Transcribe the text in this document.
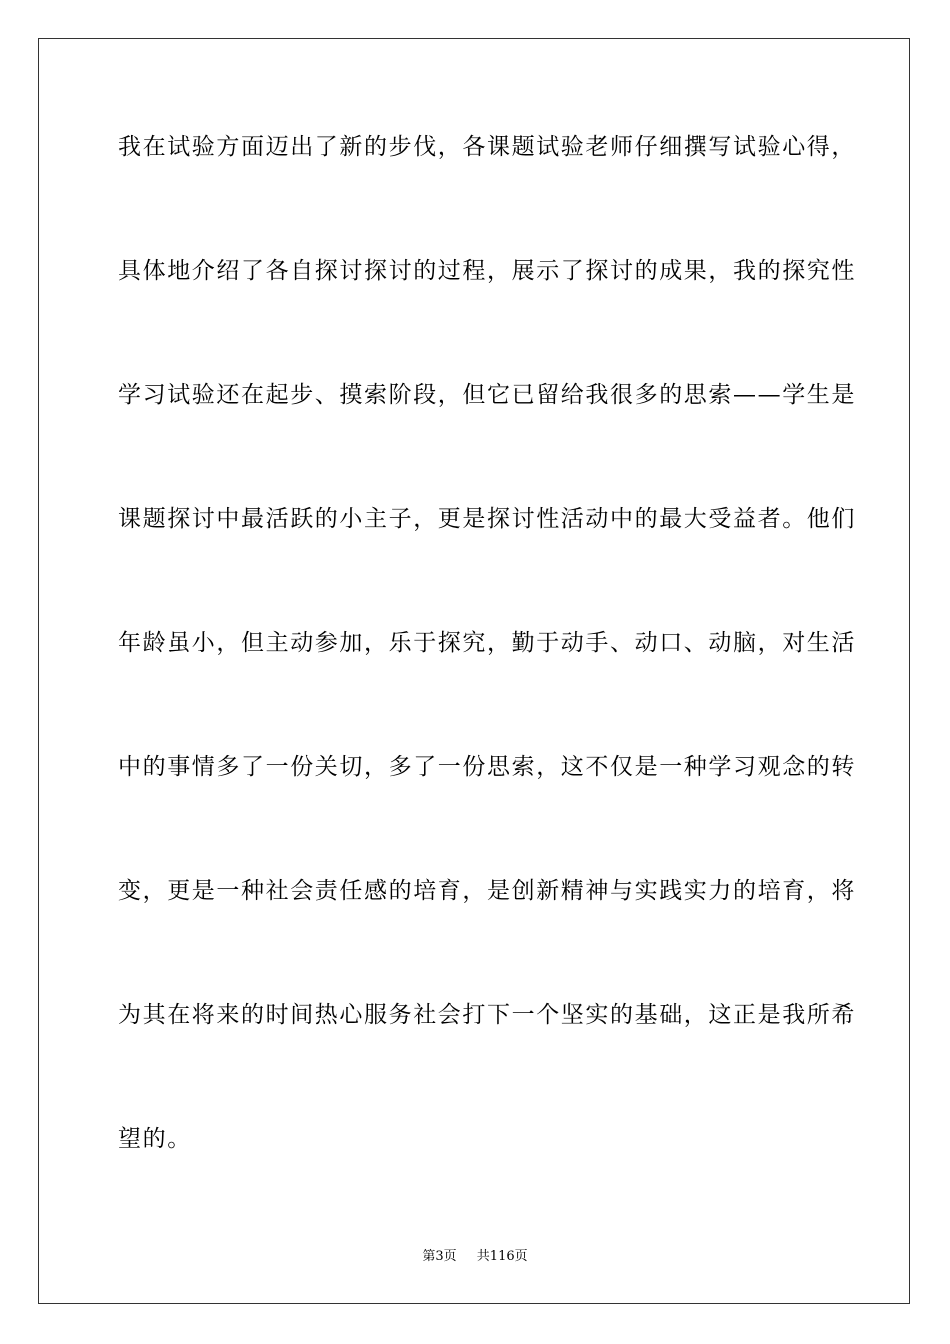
我在试验方面迈出了新的步伐，各课题试验老师仔细撰写试验心得，
具体地介绍了各自探讨探讨的过程，展示了探讨的成果，我的探究性
学习试验还在起步、摸索阶段，但它已留给我很多的思索——学生是
课题探讨中最活跃的小主子，更是探讨性活动中的最大受益者。他们
年龄虽小，但主动参加，乐于探究，勤于动手、动口、动脑，对生活
中的事情多了一份关切，多了一份思索，这不仅是一种学习观念的转
变，更是一种社会责任感的培育，是创新精神与实践实力的培育，将
为其在将来的时间热心服务社会打下一个坚实的基础，这正是我所希
望的。
第3页 共116页
